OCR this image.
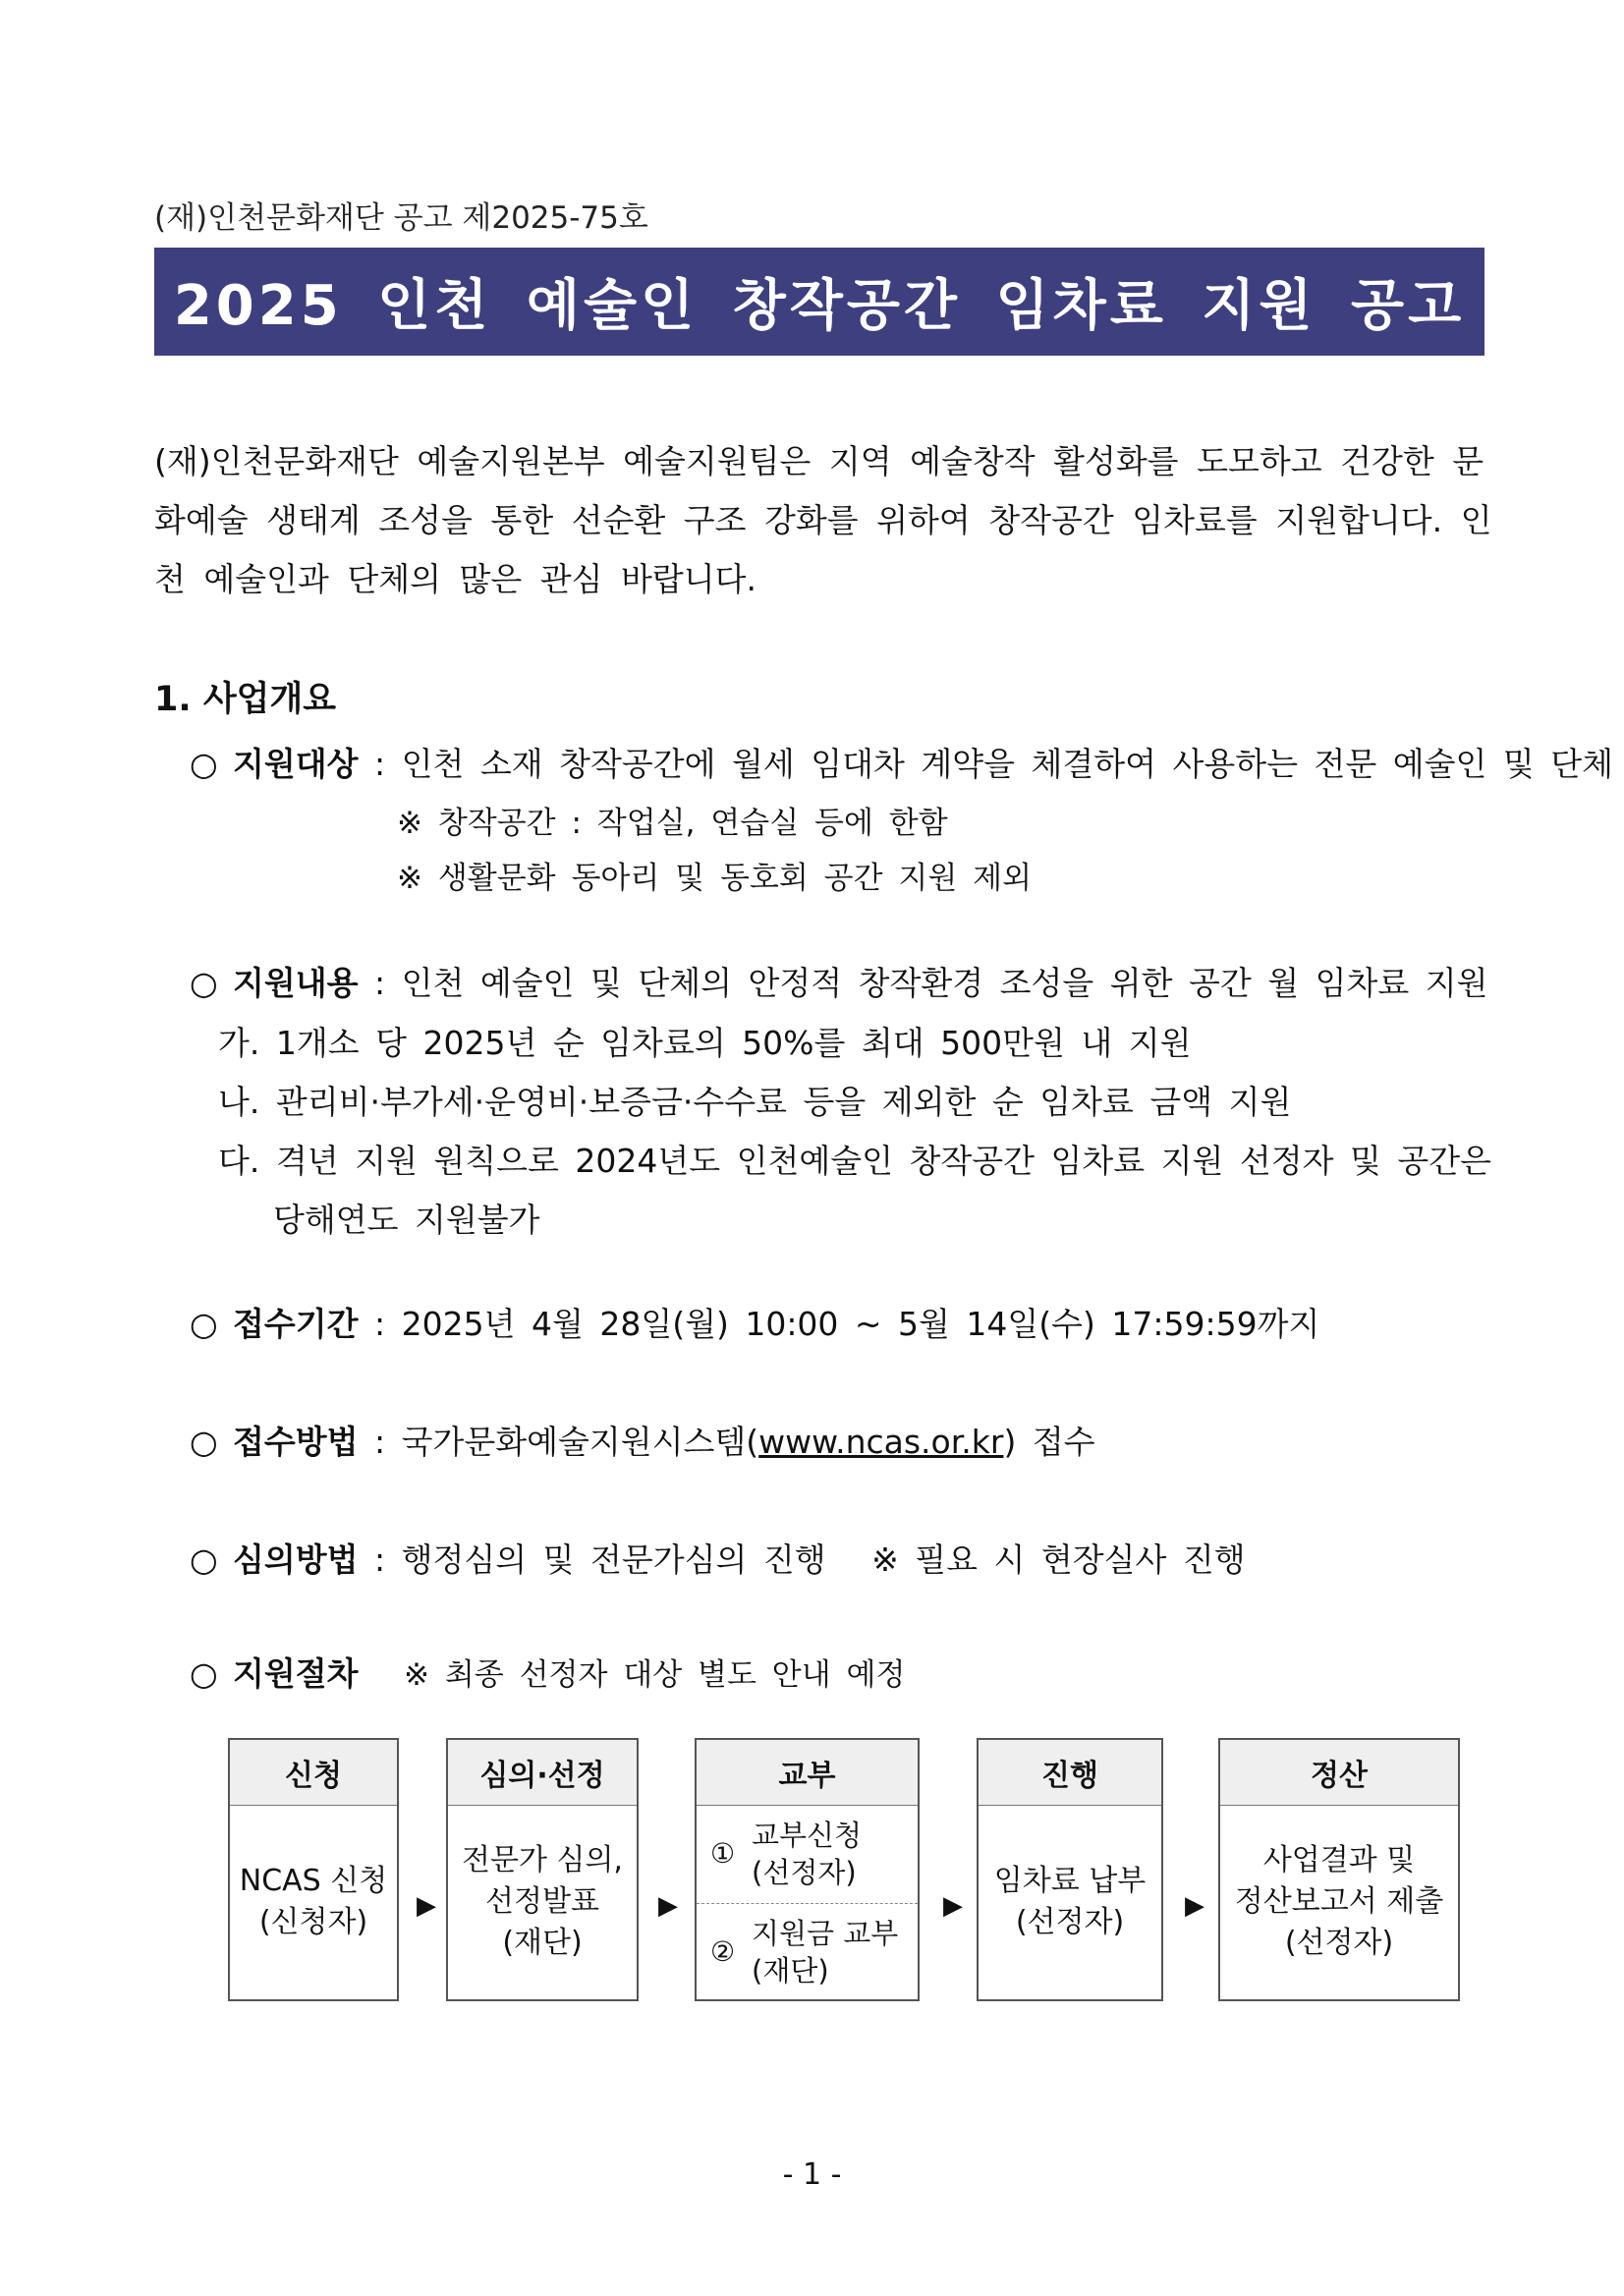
(재)인천문화재단 공고 제2025-75호
2025 인천 예술인 창작공간 임차료 지원 공고
(재)인천문화재단 예술지원본부 예술지원팀은 지역 예술창작 활성화를 도모하고 건강한 문
화예술 생태계 조성을 통한 선순환 구조 강화를 위하여 창작공간 임차료를 지원합니다. 인
천 예술인과 단체의 많은 관심 바랍니다.
1. 사업개요
○ 지원대상 : 인천 소재 창작공간에 월세 임대차 계약을 체결하여 사용하는 전문 예술인 및 단체
※ 창작공간 : 작업실, 연습실 등에 한함
※ 생활문화 동아리 및 동호회 공간 지원 제외
○ 지원내용 : 인천 예술인 및 단체의 안정적 창작환경 조성을 위한 공간 월 임차료 지원
가. 1개소 당 2025년 순 임차료의 50%를 최대 500만원 내 지원
나. 관리비·부가세·운영비·보증금·수수료 등을 제외한 순 임차료 금액 지원
다. 격년 지원 원칙으로 2024년도 인천예술인 창작공간 임차료 지원 선정자 및 공간은
당해연도 지원불가
○ 접수기간 : 2025년 4월 28일(월) 10:00 ~ 5월 14일(수) 17:59:59까지
○ 접수방법 : 국가문화예술지원시스템(www.ncas.or.kr) 접수
○ 심의방법 : 행정심의 및 전문가심의 진행 ※ 필요 시 현장실사 진행
○ 지원절차 ※ 최종 선정자 대상 별도 안내 예정
신청
NCAS 신청
(신청자) ▶
심의·선정
전문가 심의,
선정발표
(재단)
▶
교부
①
교부신청
(선정자)
②
지원금 교부
(재단)
▶
진행
임차료 납부
(선정자) ▶
정산
사업결과 및
정산보고서 제출
(선정자)
- 1 -
